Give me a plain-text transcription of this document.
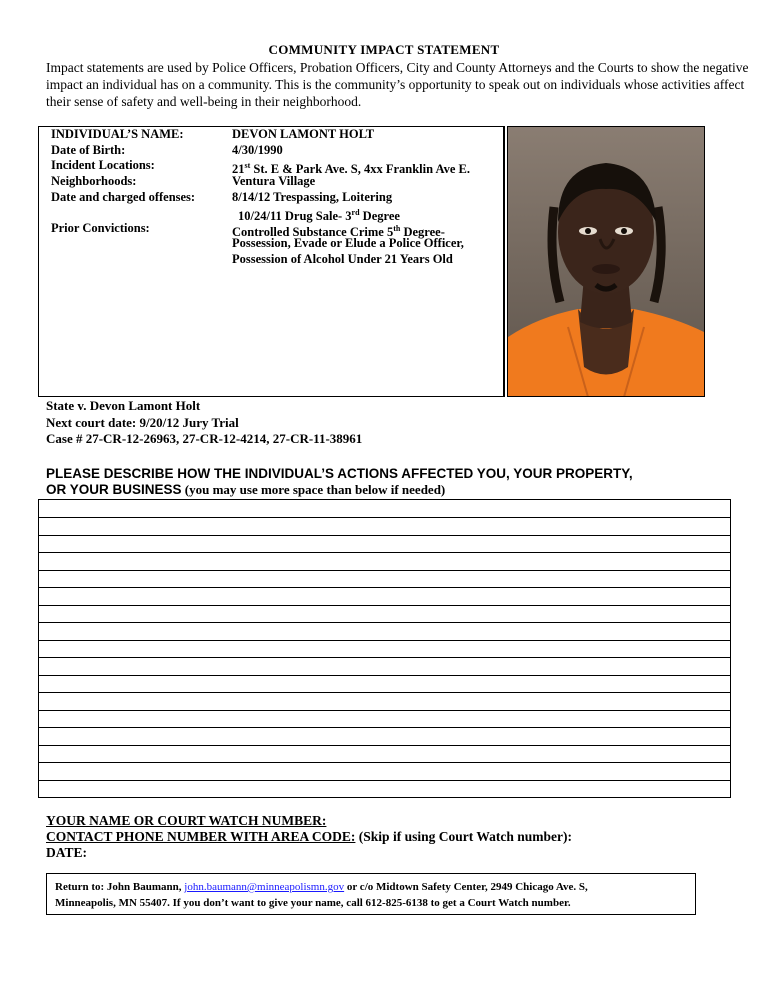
COMMUNITY IMPACT STATEMENT
Impact statements are used by Police Officers, Probation Officers, City and County Attorneys and the Courts to show the negative impact an individual has on a community. This is the community’s opportunity to speak out on individuals whose activities affect their sense of safety and well-being in their neighborhood.
INDIVIDUAL’S NAME:	DEVON LAMONT HOLT
Date of Birth:	4/30/1990
Incident Locations:	21st St. E & Park Ave. S, 4xx Franklin Ave E.
Neighborhoods:	Ventura Village
Date and charged offenses:	8/14/12 Trespassing, Loitering
10/24/11 Drug Sale- 3rd Degree
Prior Convictions:	Controlled Substance Crime 5th Degree-
Possession, Evade or Elude a Police Officer,
Possession of Alcohol Under 21 Years Old
State v. Devon Lamont Holt
Next court date: 9/20/12 Jury Trial
Case # 27-CR-12-26963, 27-CR-12-4214, 27-CR-11-38961
PLEASE DESCRIBE HOW THE INDIVIDUAL’S ACTIONS AFFECTED YOU, YOUR PROPERTY,
OR YOUR BUSINESS (you may use more space than below if needed)
YOUR NAME OR COURT WATCH NUMBER:
CONTACT PHONE NUMBER WITH AREA CODE: (Skip if using Court Watch number):
DATE:
Return to: John Baumann, john.baumann@minneapolismn.gov or c/o Midtown Safety Center, 2949 Chicago Ave. S,
Minneapolis, MN 55407. If you don’t want to give your name, call 612-825-6138 to get a Court Watch number.
